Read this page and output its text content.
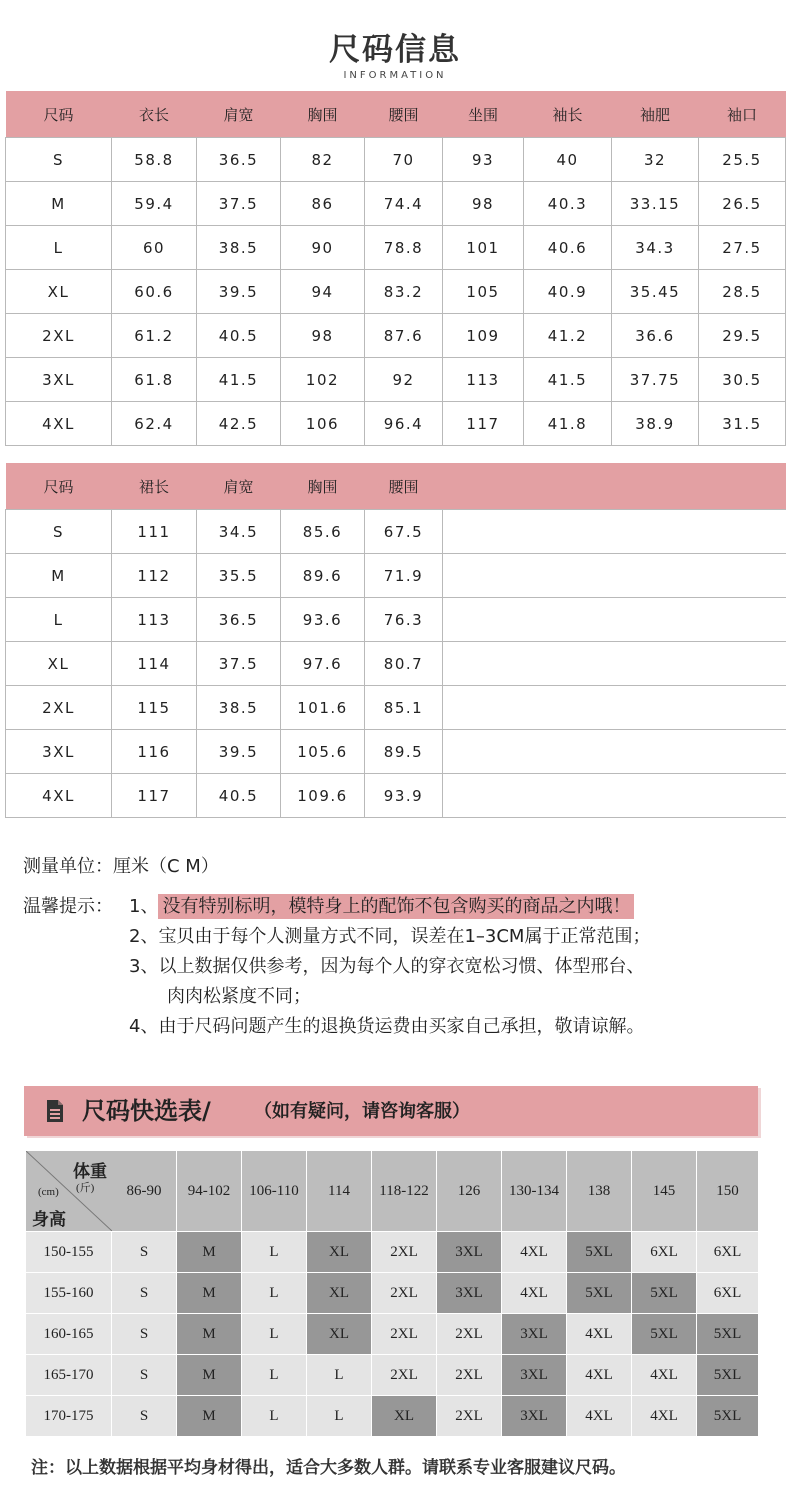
尺码信息
INFORMATION
尺码	衣长	肩宽	胸围	腰围	坐围	袖长	袖肥	袖口
S	58.8	36.5	82	70	93	40	32	25.5
M	59.4	37.5	86	74.4	98	40.3	33.15	26.5
L	60	38.5	90	78.8	101	40.6	34.3	27.5
XL	60.6	39.5	94	83.2	105	40.9	35.45	28.5
2XL	61.2	40.5	98	87.6	109	41.2	36.6	29.5
3XL	61.8	41.5	102	92	113	41.5	37.75	30.5
4XL	62.4	42.5	106	96.4	117	41.8	38.9	31.5
尺码	裙长	肩宽	胸围	腰围	
S	111	34.5	85.6	67.5	
M	112	35.5	89.6	71.9	
L	113	36.5	93.6	76.3	
XL	114	37.5	97.6	80.7	
2XL	115	38.5	101.6	85.1	
3XL	116	39.5	105.6	89.5	
4XL	117	40.5	109.6	93.9	
测量单位：厘米（C M）
温馨提示： 1、 没有特别标明，模特身上的配饰不包含购买的商品之内哦！
2、宝贝由于每个人测量方式不同，误差在1–3CM属于正常范围；
3、以上数据仅供参考，因为每个人的穿衣宽松习惯、体型邢台、
肉肉松紧度不同；
4、由于尺码问题产生的退换货运费由买家自己承担，敬请谅解。
尺码快选表/ （如有疑问，请咨询客服）
体重
(斤)
(cm)
身高	86-90	94-102	106-110	114	118-122	126	130-134	138	145	150
150-155	S	M	L	XL	2XL	3XL	4XL	5XL	6XL	6XL
155-160	S	M	L	XL	2XL	3XL	4XL	5XL	5XL	6XL
160-165	S	M	L	XL	2XL	2XL	3XL	4XL	5XL	5XL
165-170	S	M	L	L	2XL	2XL	3XL	4XL	4XL	5XL
170-175	S	M	L	L	XL	2XL	3XL	4XL	4XL	5XL
注：以上数据根据平均身材得出，适合大多数人群。请联系专业客服建议尺码。
